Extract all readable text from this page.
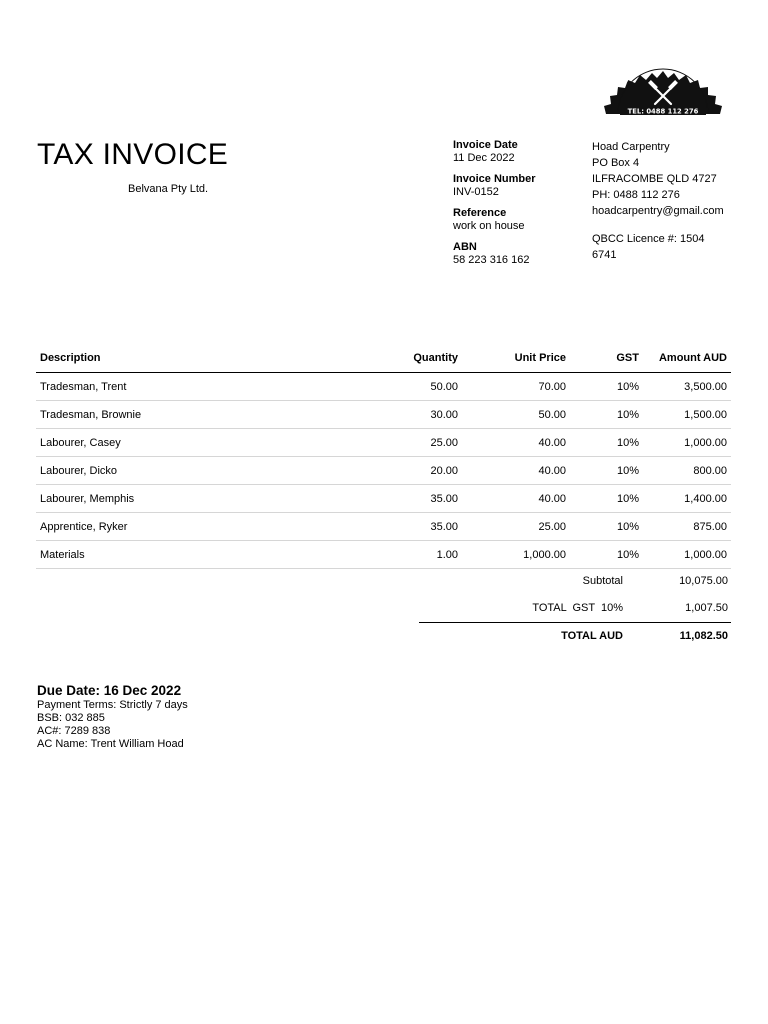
HOAD CARPENTRY
TEL: 0488 112 276
TAX INVOICE
Belvana Pty Ltd.
Invoice Date
11 Dec 2022
Invoice Number
INV-0152
Reference
work on house
ABN
58 223 316 162
Hoad Carpentry
PO Box 4
ILFRACOMBE QLD 4727
PH: 0488 112 276
hoadcarpentry@gmail.com
QBCC Licence #: 1504 6741
Description	Quantity	Unit Price	GST	Amount AUD
Tradesman, Trent	50.00	70.00	10%	3,500.00
Tradesman, Brownie	30.00	50.00	10%	1,500.00
Labourer, Casey	25.00	40.00	10%	1,000.00
Labourer, Dicko	20.00	40.00	10%	800.00
Labourer, Memphis	35.00	40.00	10%	1,400.00
Apprentice, Ryker	35.00	25.00	10%	875.00
Materials	1.00	1,000.00	10%	1,000.00
Subtotal	10,075.00
TOTAL  GST  10%	1,007.50
TOTAL AUD	11,082.50
Due Date: 16 Dec 2022
Payment Terms: Strictly 7 days
BSB: 032 885
AC#: 7289 838
AC Name: Trent William Hoad
